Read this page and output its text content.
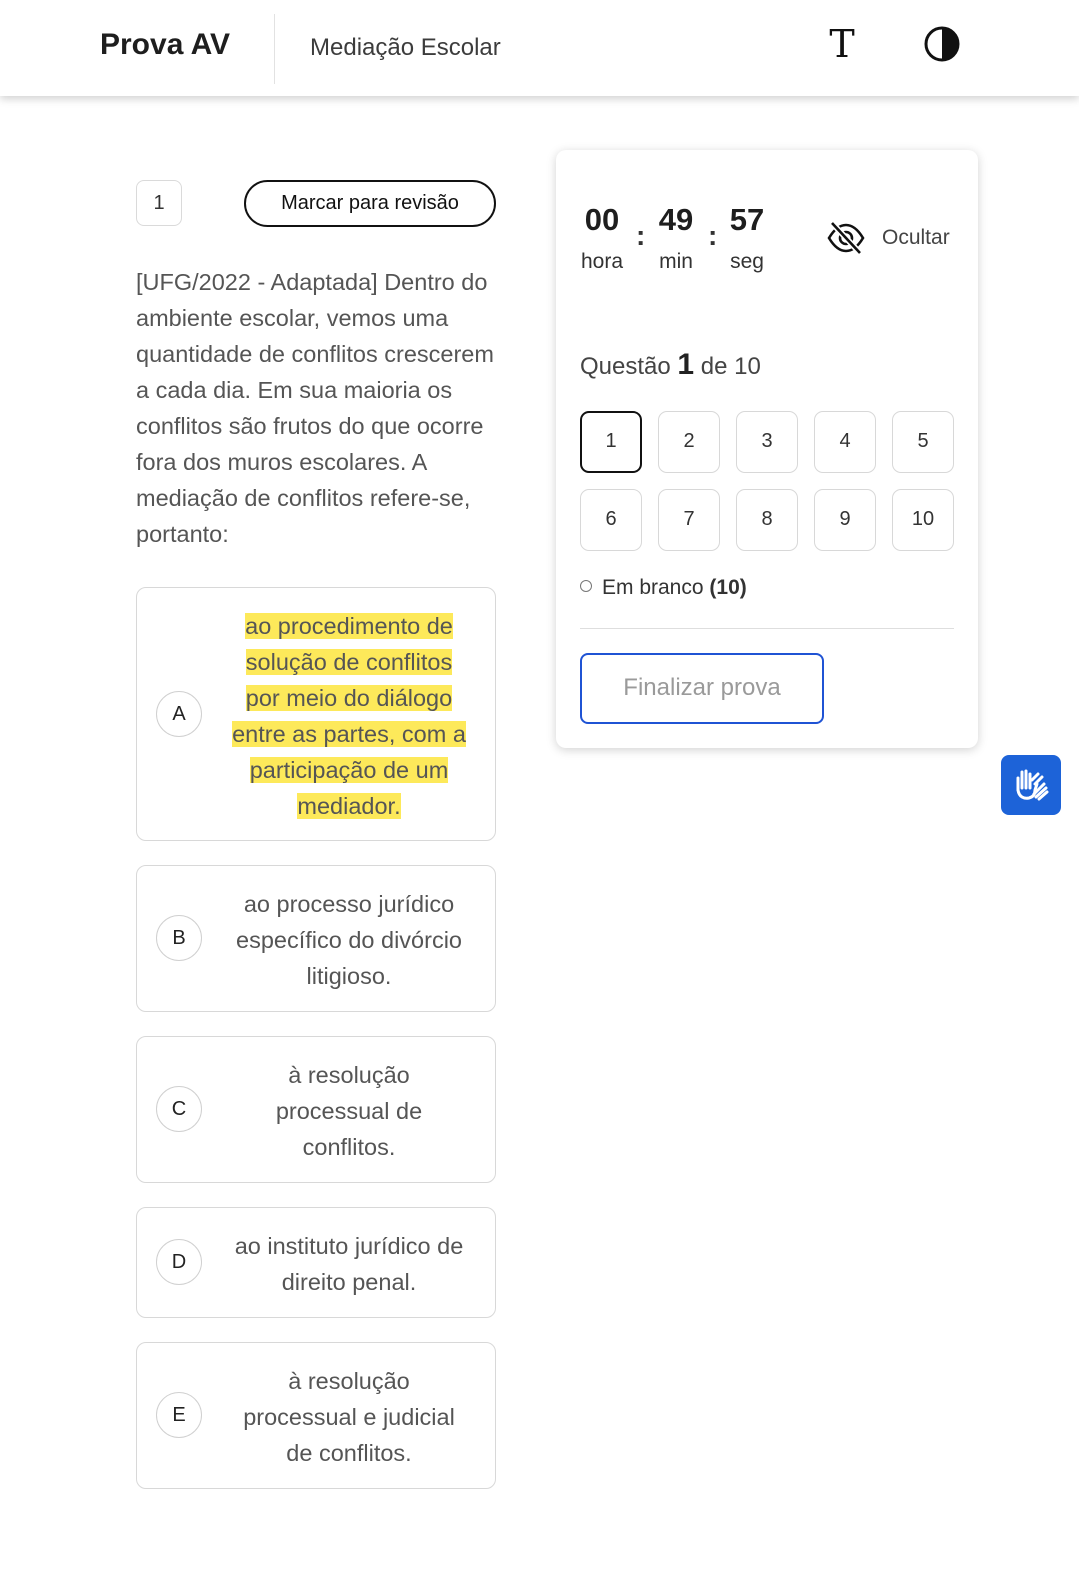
Prova AV	Mediação Escolar	T
1	Marcar para revisão
[UFG/2022 - Adaptada] Dentro do ambiente escolar, vemos uma quantidade de conflitos crescerem a cada dia. Em sua maioria os conflitos são frutos do que ocorre fora dos muros escolares. A mediação de conflitos refere-se, portanto:
A
ao procedimento de
solução de conflitos
por meio do diálogo
entre as partes, com a
participação de um
mediador.
B
ao processo jurídico
específico do divórcio
litigioso.
C
à resolução
processual de
conflitos.
D
ao instituto jurídico de
direito penal.
E
à resolução
processual e judicial
de conflitos.
00
hora
: 49
min
: 57
seg
Ocultar
Questão 1 de 10
1	2	3	4	5
6	7	8	9	10
Em branco (10)
Finalizar prova
